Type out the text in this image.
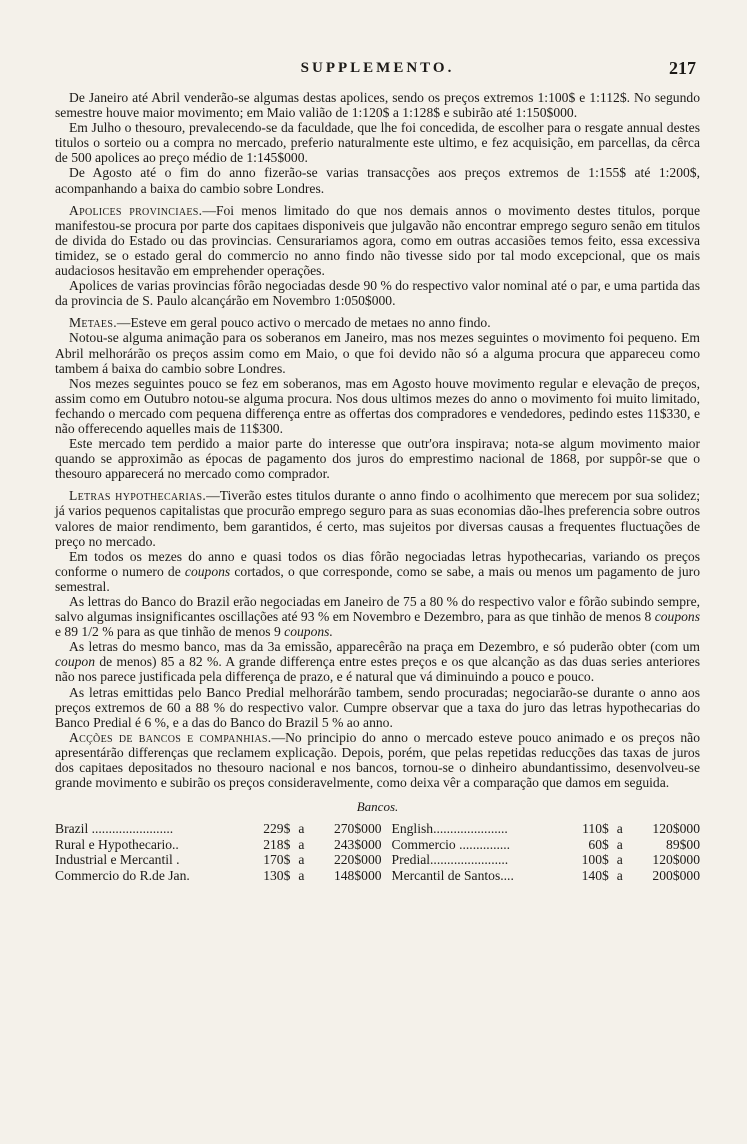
SUPPLEMENTO.	217

De Janeiro até Abril venderão-se algumas destas apolices, sendo os preços extremos 1:100$ e 1:112$. No segundo semestre houve maior movimento; em Maio valião de 1:120$ a 1:128$ e subirão até 1:150$000.

Em Julho o thesouro, prevalecendo-se da faculdade, que lhe foi concedida, de escolher para o resgate annual destes titulos o sorteio ou a compra no mercado, preferio naturalmente este ultimo, e fez acquisição, em parcellas, da cêrca de 500 apolices ao preço médio de 1:145$000.

De Agosto até o fim do anno fizerão-se varias transacções aos preços extremos de 1:155$ até 1:200$, acompanhando a baixa do cambio sobre Londres.

Apolices provinciaes.—Foi menos limitado do que nos demais annos o movimento destes titulos, porque manifestou-se procura por parte dos capitaes disponiveis que julgavão não encontrar emprego seguro senão em titulos de divida do Estado ou das provincias. Censurariamos agora, como em outras accasiões temos feito, essa excessiva timidez, se o estado geral do commercio no anno findo não tivesse sido por tal modo excepcional, que os mais audaciosos hesitavão em emprehender operações.

Apolices de varias provincias fôrão negociadas desde 90 % do respectivo valor nominal até o par, e uma partida das da provincia de S. Paulo alcançárão em Novembro 1:050$000.

Metaes.—Esteve em geral pouco activo o mercado de metaes no anno findo.

Notou-se alguma animação para os soberanos em Janeiro, mas nos mezes seguintes o movimento foi pequeno. Em Abril melhorárão os preços assim como em Maio, o que foi devido não só a alguma procura que appareceu como tambem á baixa do cambio sobre Londres.

Nos mezes seguintes pouco se fez em soberanos, mas em Agosto houve movimento regular e elevação de preços, assim como em Outubro notou-se alguma procura. Nos dous ultimos mezes do anno o movimento foi muito limitado, fechando o mercado com pequena differença entre as offertas dos compradores e vendedores, pedindo estes 11$330, e não offerecendo aquelles mais de 11$300.

Este mercado tem perdido a maior parte do interesse que outr'ora inspirava; nota-se algum movimento maior quando se approximão as épocas de pagamento dos juros do emprestimo nacional de 1868, por suppôr-se que o thesouro apparecerá no mercado como comprador.

Letras hypothecarias.—Tiverão estes titulos durante o anno findo o acolhimento que merecem por sua solidez; já varios pequenos capitalistas que procurão emprego seguro para as suas economias dão-lhes preferencia sobre outros valores de maior rendimento, bem garantidos, é certo, mas sujeitos por diversas causas a frequentes fluctuações de preço no mercado.

Em todos os mezes do anno e quasi todos os dias fôrão negociadas letras hypothecarias, variando os preços conforme o numero de coupons cortados, o que corresponde, como se sabe, a mais ou menos um pagamento de juro semestral.

As lettras do Banco do Brazil erão negociadas em Janeiro de 75 a 80 % do respectivo valor e fôrão subindo sempre, salvo algumas insignificantes oscillações até 93 % em Novembro e Dezembro, para as que tinhão de menos 8 coupons e 89 1/2 % para as que tinhão de menos 9 coupons.

As letras do mesmo banco, mas da 3a emissão, apparecêrão na praça em Dezembro, e só puderão obter (com um coupon de menos) 85 a 82 %. A grande differença entre estes preços e os que alcanção as das duas series anteriores não nos parece justificada pela differença de prazo, e é natural que vá diminuindo a pouco e pouco.

As letras emittidas pelo Banco Predial melhorárão tambem, sendo procuradas; negociarão-se durante o anno aos preços extremos de 60 a 88 % do respectivo valor. Cumpre observar que a taxa do juro das letras hypothecarias do Banco Predial é 6 %, e a das do Banco do Brazil 5 % ao anno.

Acções de bancos e companhias.—No principio do anno o mercado esteve pouco animado e os preços não apresentárão differenças que reclamem explicação. Depois, porém, que pelas repetidas reducções das taxas de juros dos capitaes depositados no thesouro nacional e nos bancos, tornou-se o dinheiro abundantissimo, desenvolveu-se grande movimento e subirão os preços consideravelmente, como deixa vêr a comparação que damos em seguida.

Bancos.
Brazil ........................	229$	a	270$000		English......................	110$	a	120$000
Rural e Hypothecario..	218$	a	243$000		Commercio ...............	60$	a	89$00
Industrial e Mercantil .	170$	a	220$000		Predial.......................	100$	a	120$000
Commercio do R.de Jan.	130$	a	148$000		Mercantil de Santos....	140$	a	200$000
